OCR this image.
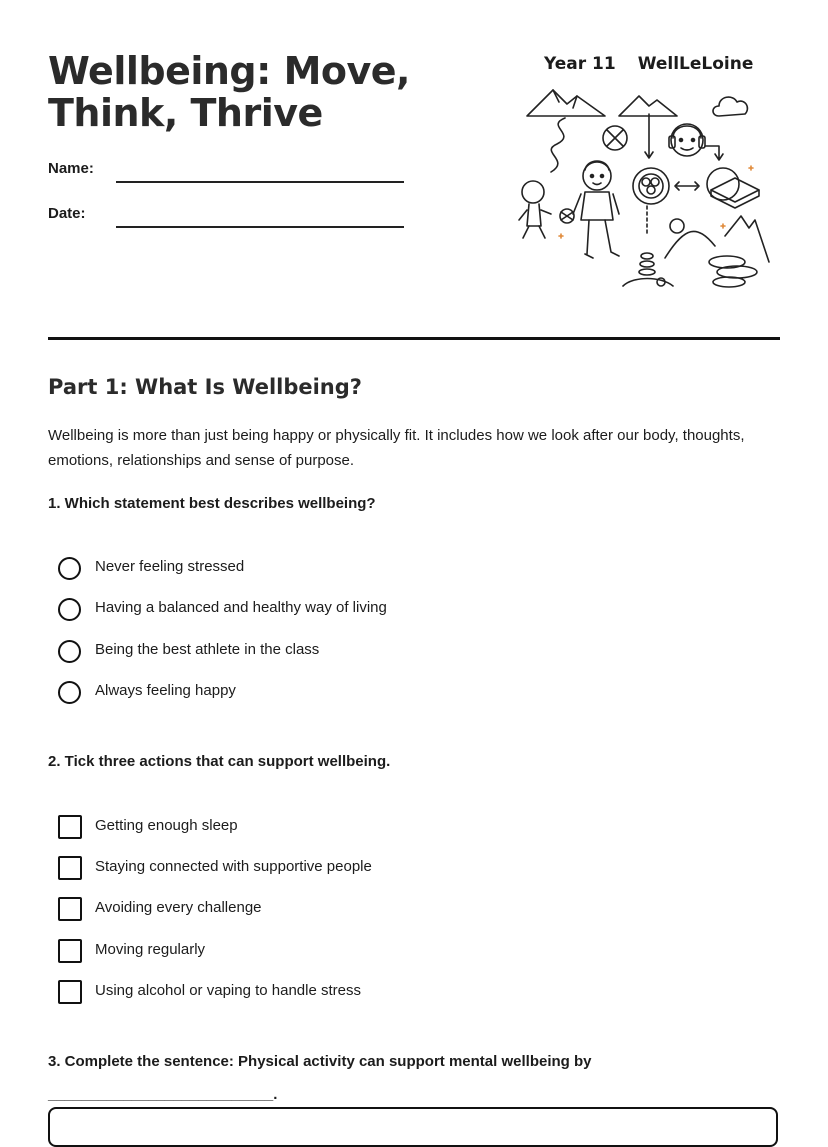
Wellbeing: Move, Think, Thrive
Year 11 WellLeLoine
Name:
Date:
Part 1: What Is Wellbeing?

Wellbeing is more than just being happy or physically fit. It includes how we look after our body, thoughts, emotions, relationships and sense of purpose.

1. Which statement best describes wellbeing?

Never feeling stressed
Having a balanced and healthy way of living
Being the best athlete in the class
Always feeling happy

2. Tick three actions that can support wellbeing.

Getting enough sleep
Staying connected with supportive people
Avoiding every challenge
Moving regularly
Using alcohol or vaping to handle stress

3. Complete the sentence: Physical activity can support mental wellbeing by

___________________________.
